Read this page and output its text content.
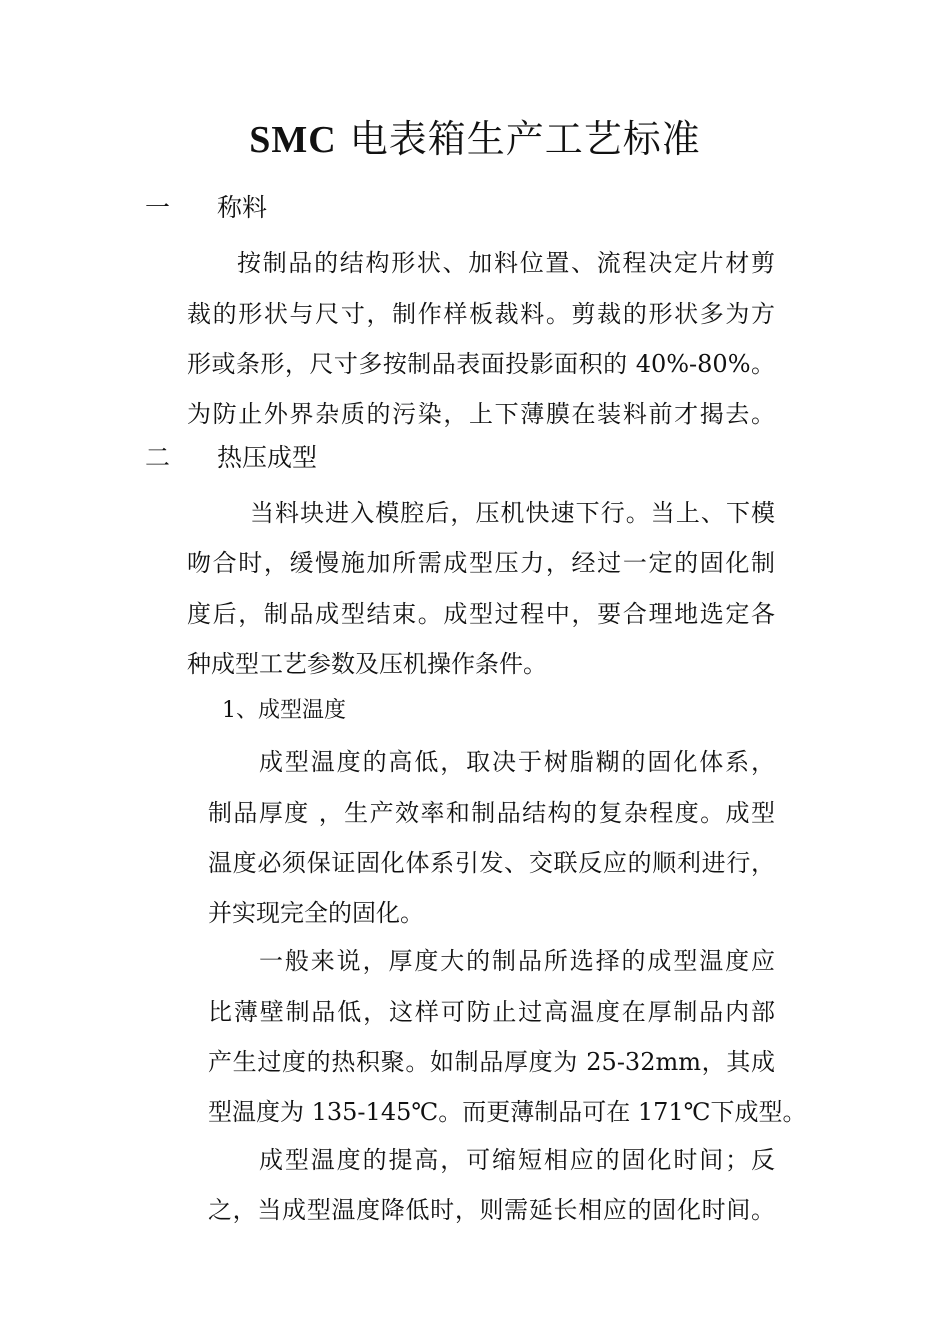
SMC 电表箱生产工艺标准
一 称料
按制品的结构形状、加料位置、流程决定片材剪
裁的形状与尺寸，制作样板裁料。剪裁的形状多为方
形或条形，尺寸多按制品表面投影面积的 40%-80%。
为防止外界杂质的污染，上下薄膜在装料前才揭去。
二 热压成型
当料块进入模腔后，压机快速下行。当上、下模
吻合时，缓慢施加所需成型压力，经过一定的固化制
度后，制品成型结束。成型过程中，要合理地选定各
种成型工艺参数及压机操作条件。
1、成型温度
成型温度的高低，取决于树脂糊的固化体系，
制品厚度 ，生产效率和制品结构的复杂程度。成型
温度必须保证固化体系引发、交联反应的顺利进行，
并实现完全的固化。
一般来说，厚度大的制品所选择的成型温度应
比薄壁制品低，这样可防止过高温度在厚制品内部
产生过度的热积聚。如制品厚度为 25-32mm，其成
型温度为 135-145℃。而更薄制品可在 171℃下成型。
成型温度的提高，可缩短相应的固化时间；反
之，当成型温度降低时，则需延长相应的固化时间。
